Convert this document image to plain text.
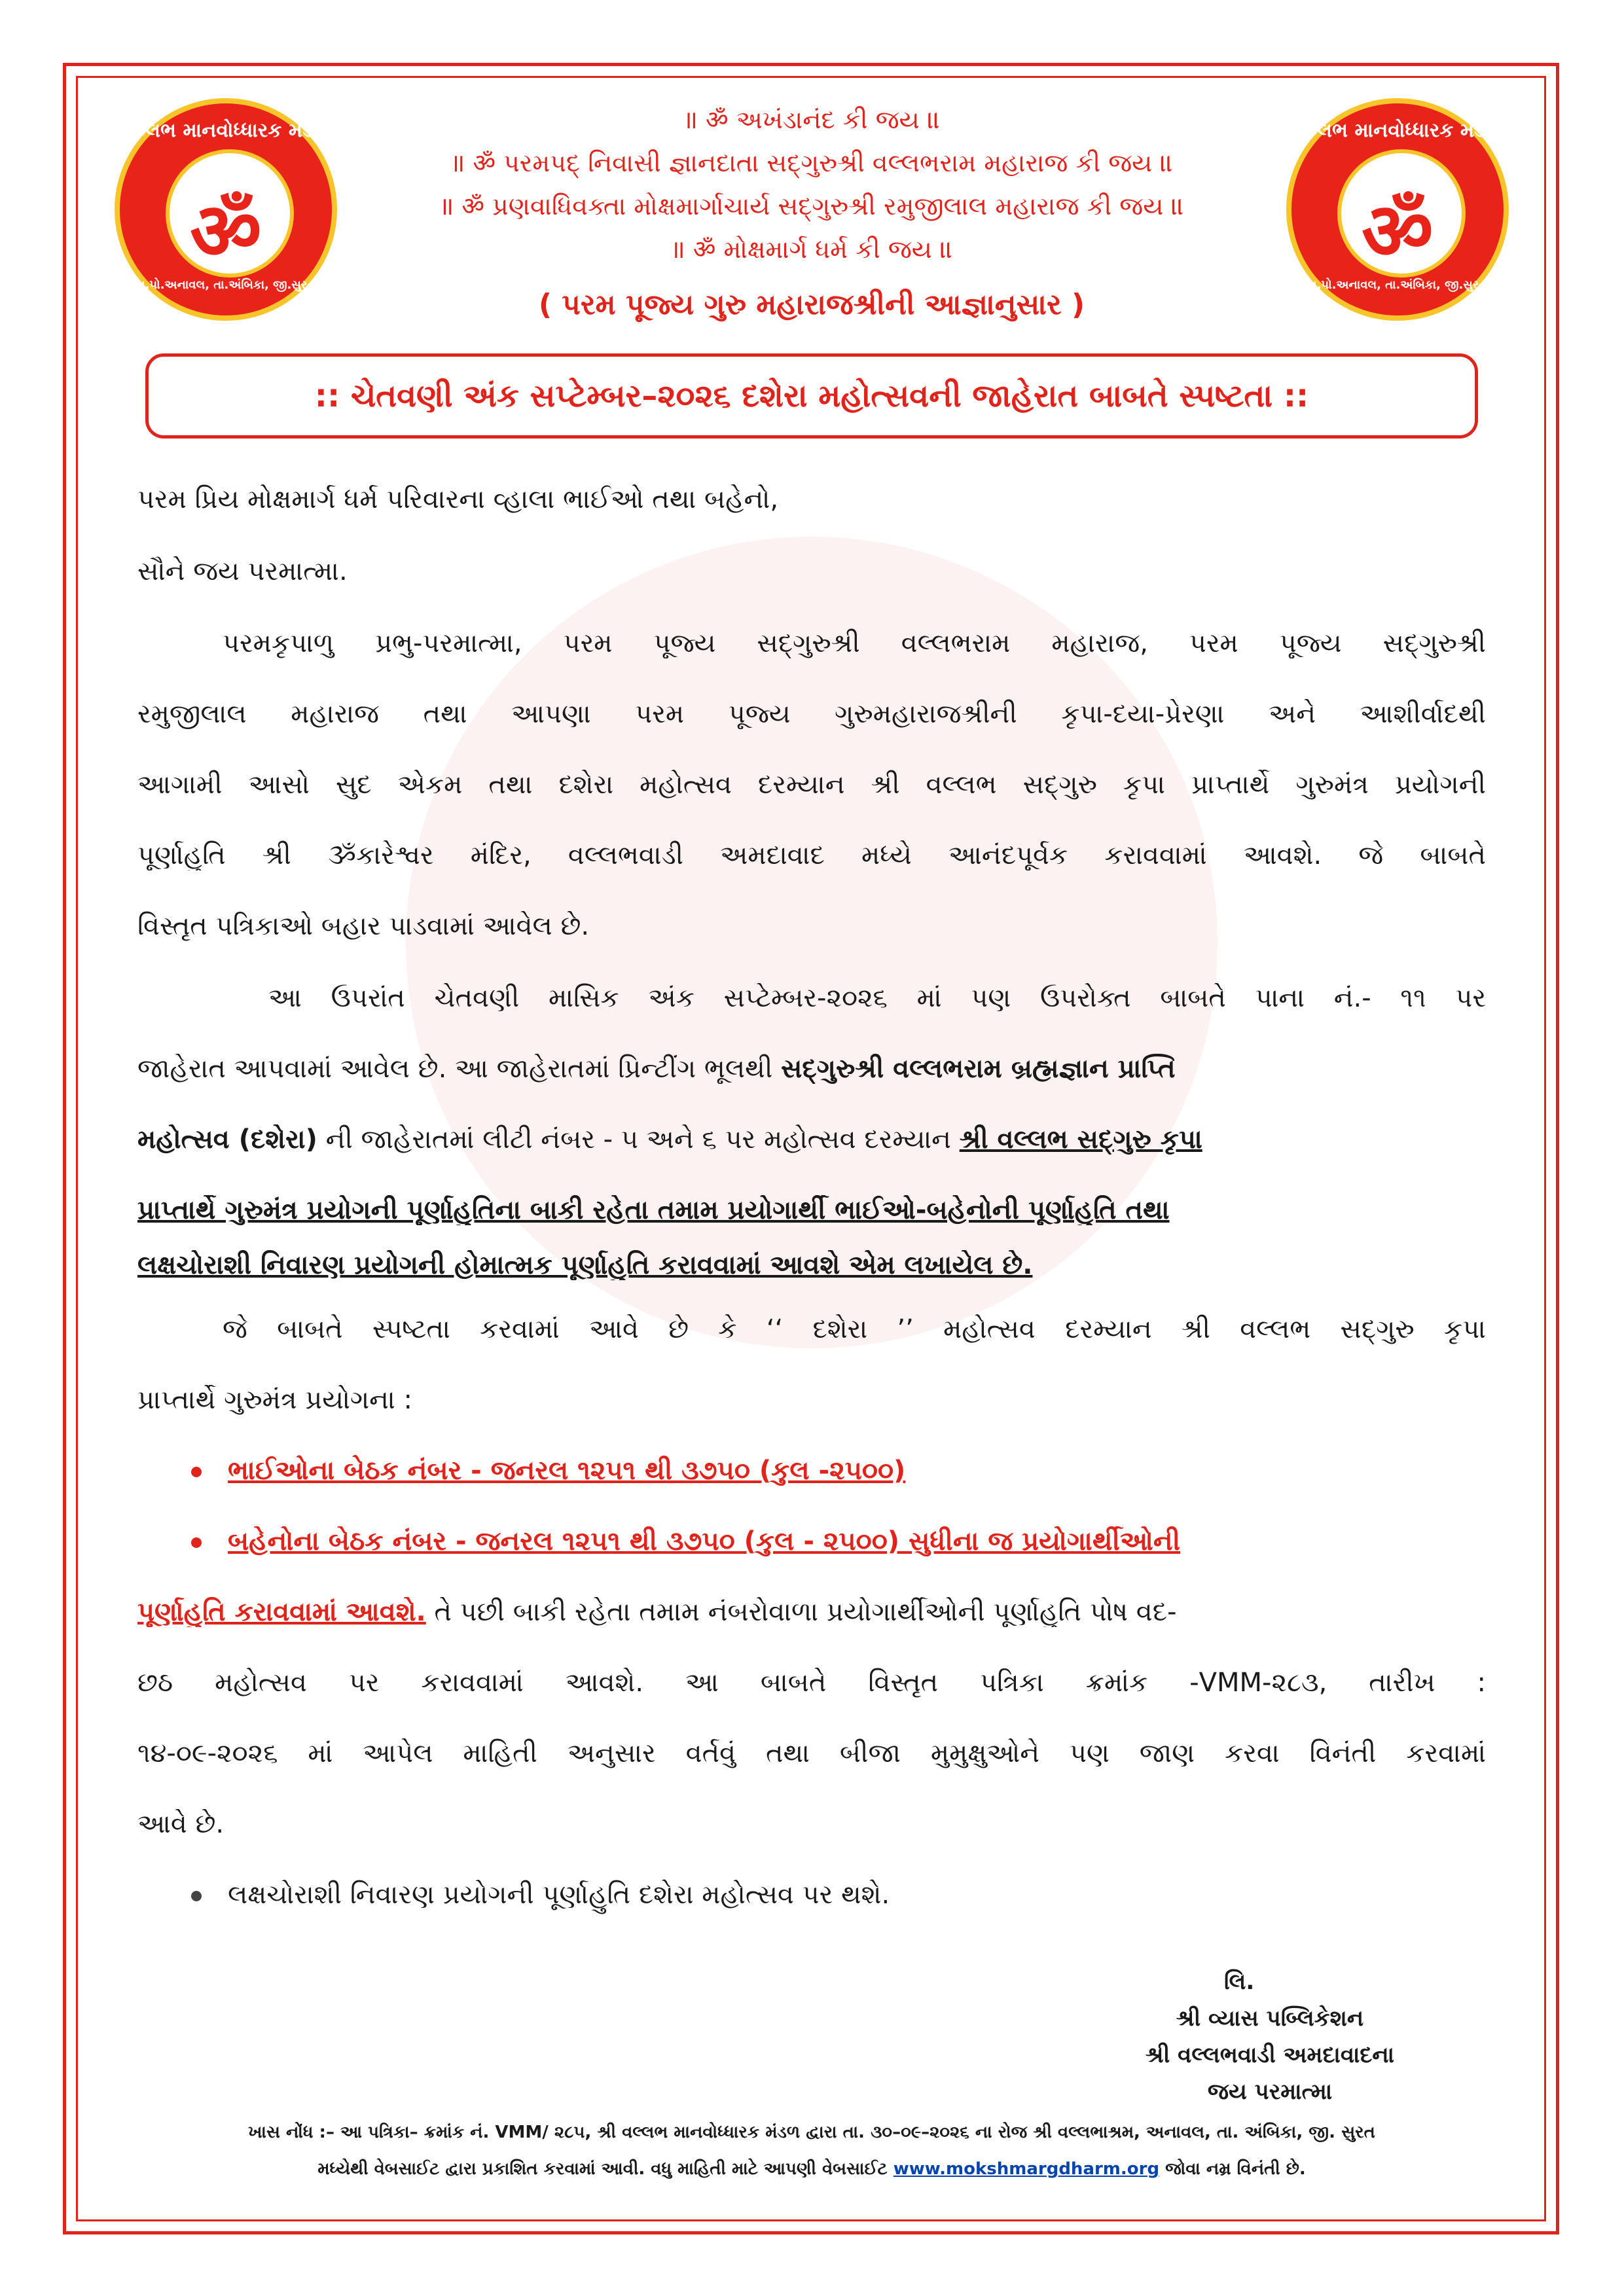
વલ્લભ માનવોધ્ધારક મંડળ
ॐ
મુ.પો.અનાવલ, તા.અંબિકા, જી.સુરત
વલ્લભ માનવોધ્ધારક મંડળ
ॐ
મુ.પો.અનાવલ, તા.અંબિકા, જી.સુરત
॥ ॐ અખંડાનંદ કી જય ॥
॥ ॐ પરમપદ્ નિવાસી જ્ઞાનદાતા સદ્ગુરુશ્રી વલ્લભરામ મહારાજ કી જય ॥
॥ ॐ પ્રણવાધિવક્તા મોક્ષમાર્ગાચાર્ય સદ્ગુરુશ્રી રમુજીલાલ મહારાજ કી જય ॥
॥ ॐ મોક્ષમાર્ગ ધર્મ કી જય ॥
( પરમ પૂજ્ય ગુરુ મહારાજશ્રીની આજ્ઞાનુસાર )
:: ચેતવણી અંક સપ્ટેમ્બર–૨૦૨૬ દશેરા મહોત્સવની જાહેરાત બાબતે સ્પષ્ટતા ::
પરમ પ્રિય મોક્ષમાર્ગ ધર્મ પરિવારના વ્હાલા ભાઈઓ તથા બહેનો,
સૌને જય પરમાત્મા.
પરમકૃપાળુ પ્રભુ-પરમાત્મા, પરમ પૂજ્ય સદ્ગુરુશ્રી વલ્લભરામ મહારાજ, પરમ પૂજ્ય સદ્ગુરુશ્રી
રમુજીલાલ મહારાજ તથા આપણા પરમ પૂજ્ય ગુરુમહારાજશ્રીની કૃપા-દયા-પ્રેરણા અને આશીર્વાદથી
આગામી આસો સુદ એકમ તથા દશેરા મહોત્સવ દરમ્યાન શ્રી વલ્લભ સદ્ગુરુ કૃપા પ્રાપ્તાર્થે ગુરુમંત્ર પ્રયોગની
પૂર્ણાહુતિ શ્રી ૐકારેશ્વર મંદિર, વલ્લભવાડી અમદાવાદ મધ્યે આનંદપૂર્વક કરાવવામાં આવશે. જે બાબતે
વિસ્તૃત પત્રિકાઓ બહાર પાડવામાં આવેલ છે.
આ ઉપરાંત ચેતવણી માસિક અંક સપ્ટેમ્બર-૨૦૨૬ માં પણ ઉપરોક્ત બાબતે પાના નં.- ૧૧ પર
જાહેરાત આપવામાં આવેલ છે. આ જાહેરાતમાં પ્રિન્ટીંગ ભૂલથી સદ્ગુરુશ્રી વલ્લભરામ બ્રહ્મજ્ઞાન પ્રાપ્તિ
મહોત્સવ (દશેરા) ની જાહેરાતમાં લીટી નંબર - ૫ અને ૬ પર મહોત્સવ દરમ્યાન શ્રી વલ્લભ સદ્ગુરુ કૃપા
પ્રાપ્તાર્થે ગુરુમંત્ર પ્રયોગની પૂર્ણાહુતિના બાકી રહેતા તમામ પ્રયોગાર્થી ભાઈઓ-બહેનોની પૂર્ણાહુતિ તથા
લક્ષચોરાશી નિવારણ પ્રયોગની હોમાત્મક પૂર્ણાહુતિ કરાવવામાં આવશે એમ લખાયેલ છે.
જે બાબતે સ્પષ્ટતા કરવામાં આવે છે કે ‘‘ દશેરા ’’ મહોત્સવ દરમ્યાન શ્રી વલ્લભ સદ્ગુરુ કૃપા
પ્રાપ્તાર્થે ગુરુમંત્ર પ્રયોગના :
ભાઈઓના બેઠક નંબર - જનરલ ૧૨૫૧ થી ૩૭૫૦ (કુલ -૨૫૦૦)
બહેનોના બેઠક નંબર - જનરલ ૧૨૫૧ થી ૩૭૫૦ (કુલ - ૨૫૦૦) સુધીના જ પ્રયોગાર્થીઓની
પૂર્ણાહુતિ કરાવવામાં આવશે. તે પછી બાકી રહેતા તમામ નંબરોવાળા પ્રયોગાર્થીઓની પૂર્ણાહુતિ પોષ વદ-
છઠ મહોત્સવ પર કરાવવામાં આવશે. આ બાબતે વિસ્તૃત પત્રિકા ક્રમાંક -VMM-૨૮૩, તારીખ :
૧૪-૦૯-૨૦૨૬ માં આપેલ માહિતી અનુસાર વર્તવું તથા બીજા મુમુક્ષુઓને પણ જાણ કરવા વિનંતી કરવામાં
આવે છે.
લક્ષચોરાશી નિવારણ પ્રયોગની પૂર્ણાહુતિ દશેરા મહોત્સવ પર થશે.
લિ.
શ્રી વ્યાસ પબ્લિકેશન
શ્રી વલ્લભવાડી અમદાવાદના
જય પરમાત્મા
ખાસ નોંધ :– આ પત્રિકા– ક્રમાંક નં. VMM/ ૨૮૫, શ્રી વલ્લભ માનવોધ્ધારક મંડળ દ્વારા તા. ૩૦–૦૯–૨૦૨૬ ના રોજ શ્રી વલ્લભાશ્રમ, અનાવલ, તા. અંબિકા, જી. સુરત
મધ્યેથી વેબસાઈટ દ્વારા પ્રકાશિત કરવામાં આવી. વધુ માહિતી માટે આપણી વેબસાઈટ www.mokshmargdharm.org જોવા નમ્ર વિનંતી છે.
